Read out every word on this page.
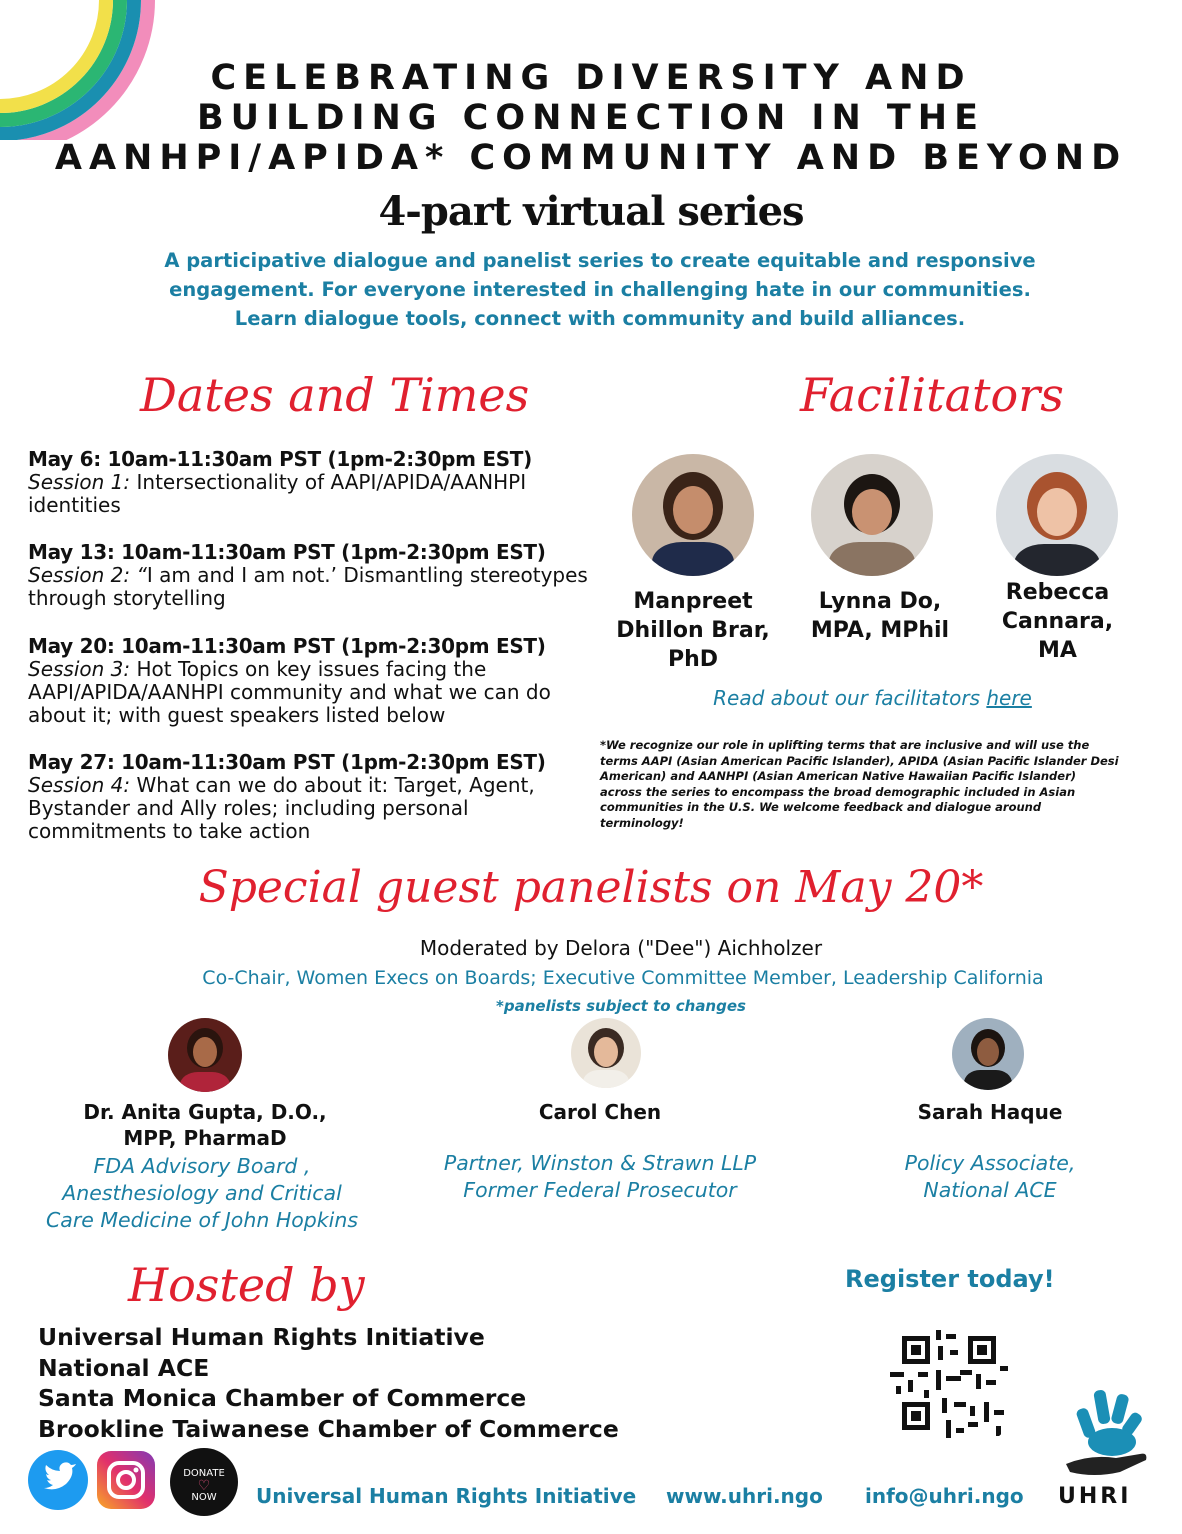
CELEBRATING DIVERSITY AND
BUILDING CONNECTION IN THE
AANHPI/APIDA* COMMUNITY AND BEYOND
4-part virtual series
A participative dialogue and panelist series to create equitable and responsive
engagement. For everyone interested in challenging hate in our communities.
Learn dialogue tools, connect with community and build alliances.
Dates and Times
May 6: 10am-11:30am PST (1pm-2:30pm EST)
Session 1: Intersectionality of AAPI/APIDA/AANHPI identities
May 13: 10am-11:30am PST (1pm-2:30pm EST)
Session 2: “I am and I am not.’ Dismantling stereotypes through storytelling
May 20: 10am-11:30am PST (1pm-2:30pm EST)
Session 3: Hot Topics on key issues facing the AAPI/APIDA/AANHPI community and what we can do about it; with guest speakers listed below
May 27: 10am-11:30am PST (1pm-2:30pm EST)
Session 4: What can we do about it: Target, Agent, Bystander and Ally roles; including personal commitments to take action
Facilitators
Manpreet
Dhillon Brar,
PhD
Lynna Do,
MPA, MPhil
Rebecca
Cannara,
MA
Read about our facilitators here
*We recognize our role in uplifting terms that are inclusive and will use the terms AAPI (Asian American Pacific Islander), APIDA (Asian Pacific Islander Desi American) and AANHPI (Asian American Native Hawaiian Pacific Islander) across the series to encompass the broad demographic included in Asian communities in the U.S. We welcome feedback and dialogue around terminology!
Special guest panelists on May 20*
Moderated by Delora ("Dee") Aichholzer
Co-Chair, Women Execs on Boards; Executive Committee Member, Leadership California
*panelists subject to changes
Dr. Anita Gupta, D.O.,
MPP, PharmaD
FDA Advisory Board ,
Anesthesiology and Critical
Care Medicine of John Hopkins
Carol Chen
Partner, Winston & Strawn LLP
Former Federal Prosecutor
Sarah Haque
Policy Associate,
National ACE
Hosted by
Universal Human Rights Initiative
National ACE
Santa Monica Chamber of Commerce
Brookline Taiwanese Chamber of Commerce
Register today!
DONATE
♡
NOW	Universal Human Rights Initiative www.uhri.ngo info@uhri.ngo UHRI
